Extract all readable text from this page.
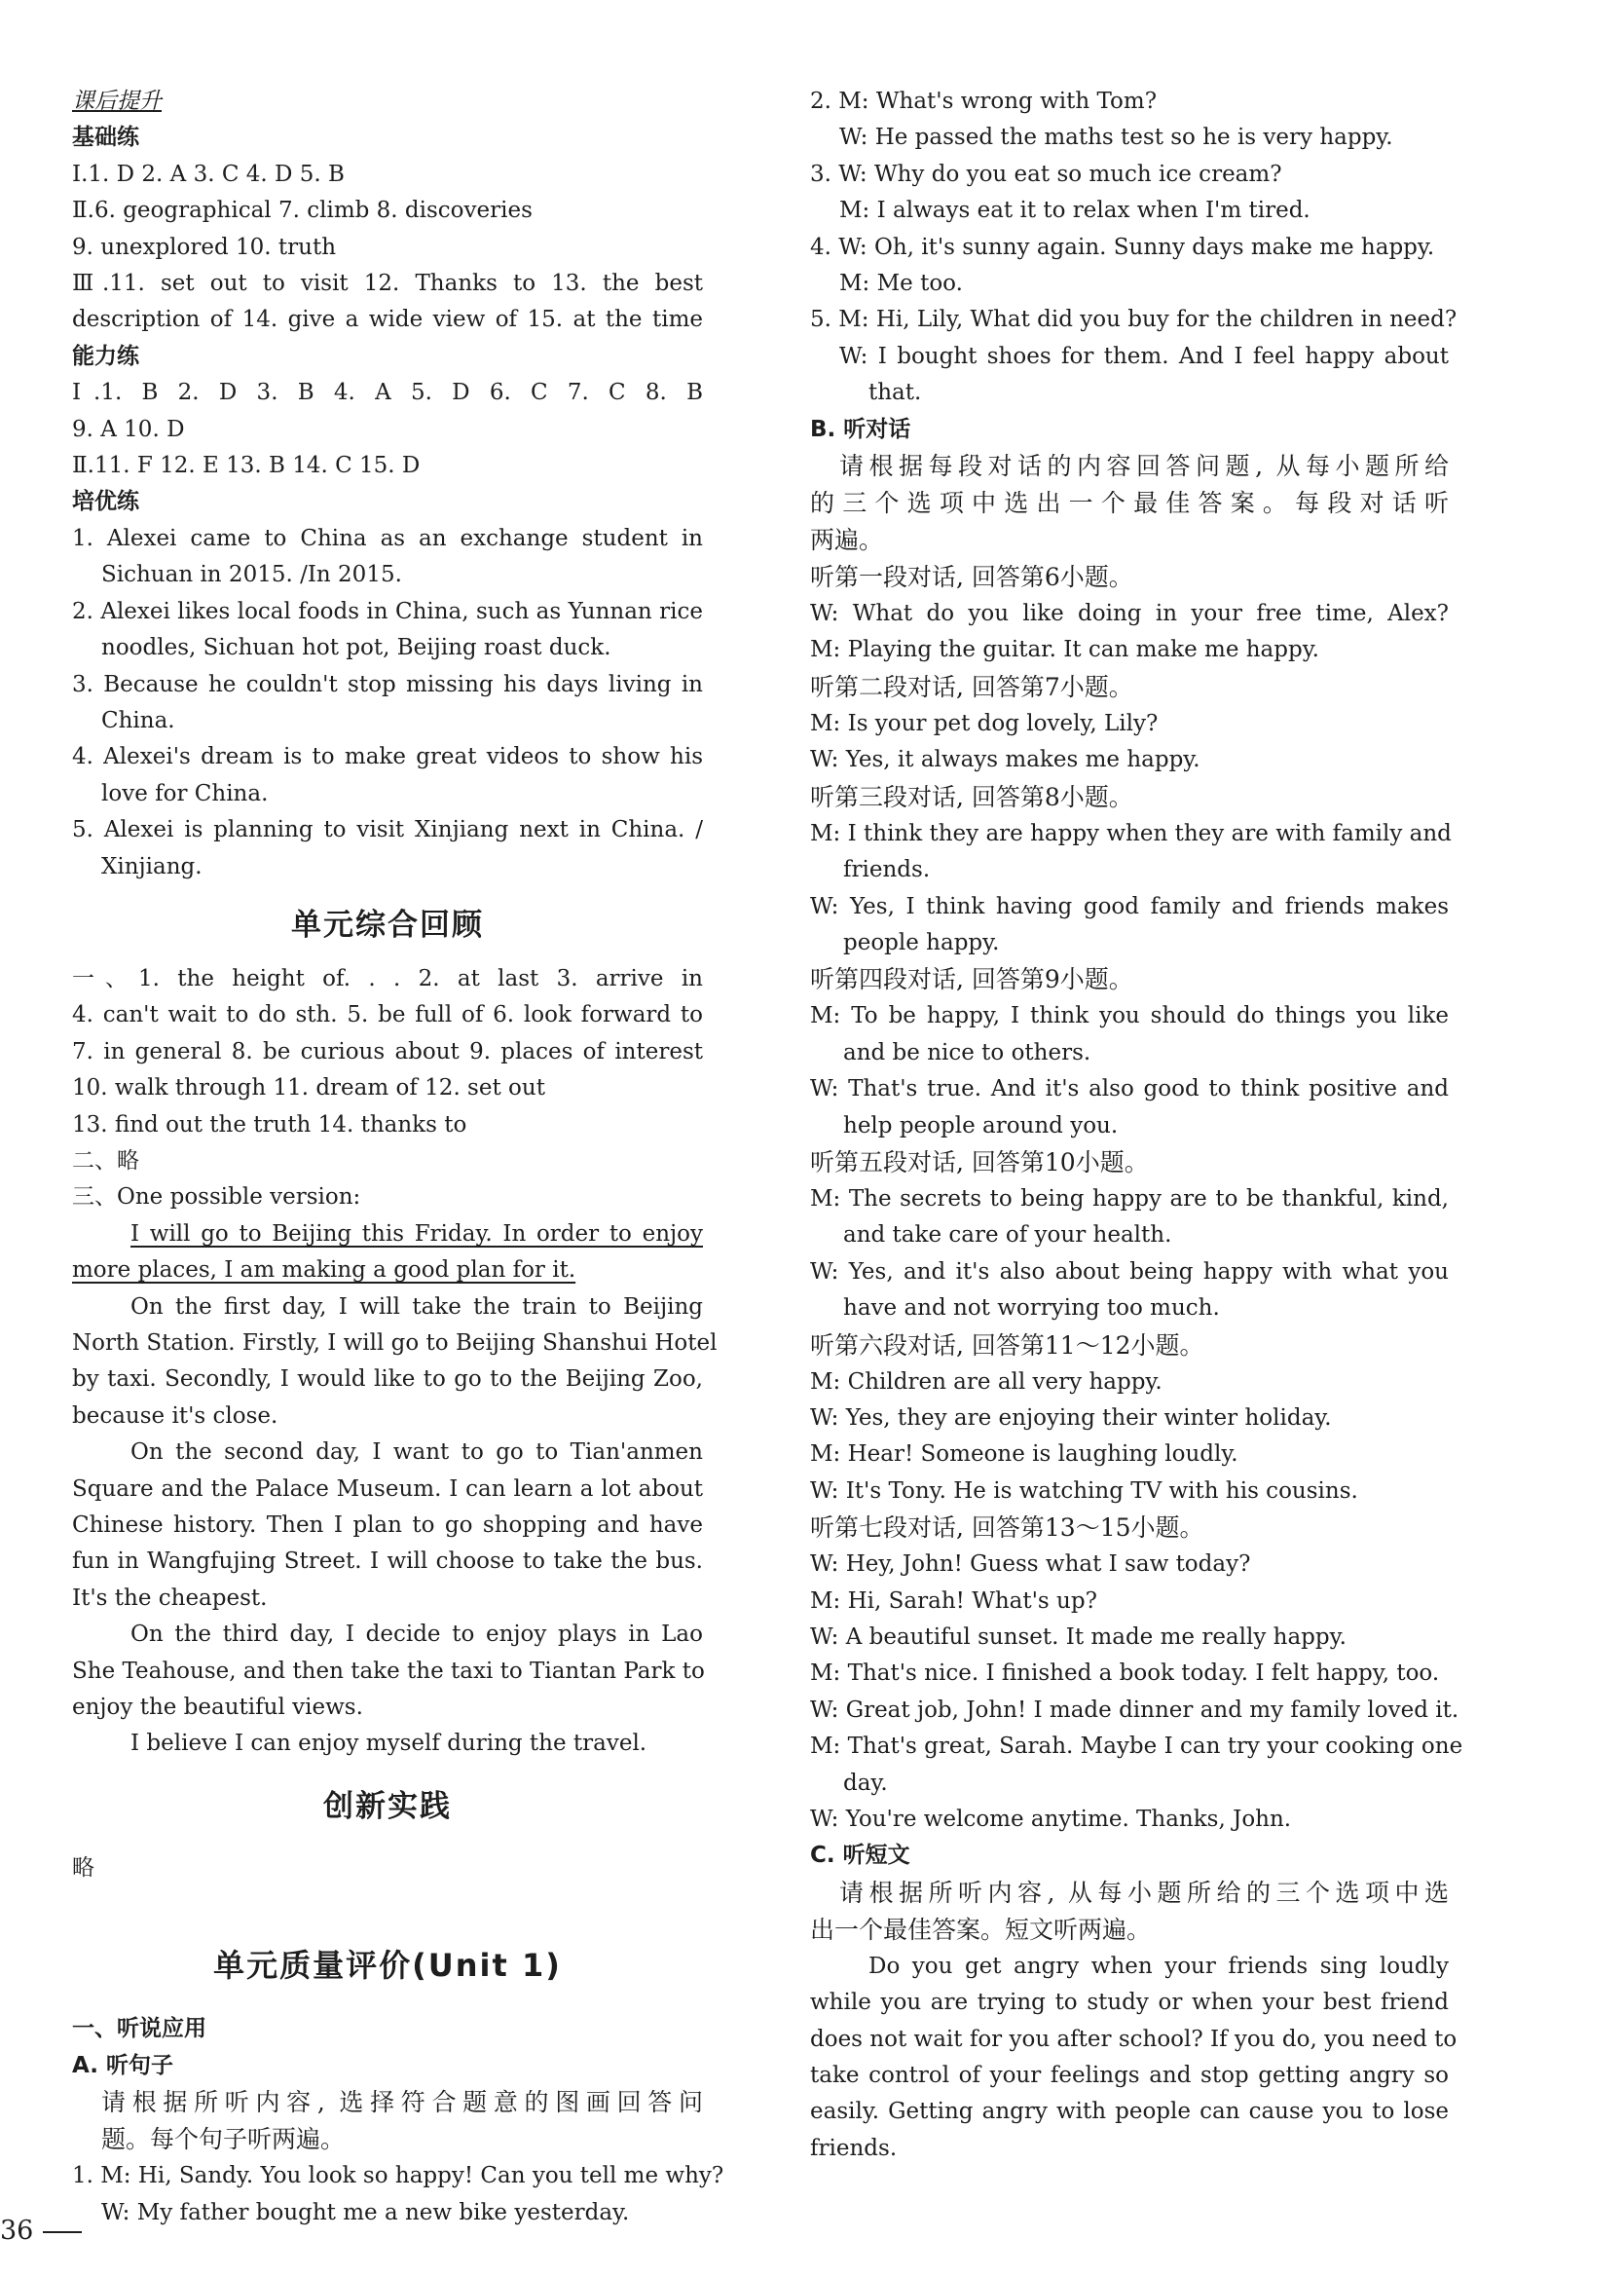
课后提升
基础练
Ⅰ.1. D 2. A 3. C 4. D 5. B
Ⅱ.6. geographical 7. climb 8. discoveries
9. unexplored 10. truth
Ⅲ.11. set out to visit 12. Thanks to 13. the best
description of 14. give a wide view of 15. at the time
能力练
Ⅰ.1. B 2. D 3. B 4. A 5. D 6. C 7. C 8. B
9. A 10. D
Ⅱ.11. F 12. E 13. B 14. C 15. D
培优练
1. Alexei came to China as an exchange student in
Sichuan in 2015. /In 2015.
2. Alexei likes local foods in China, such as Yunnan rice
noodles, Sichuan hot pot, Beijing roast duck.
3. Because he couldn't stop missing his days living in
China.
4. Alexei's dream is to make great videos to show his
love for China.
5. Alexei is planning to visit Xinjiang next in China. /
Xinjiang.
单元综合回顾
一、1. the height of. . . 2. at last 3. arrive in
4. can't wait to do sth. 5. be full of 6. look forward to
7. in general 8. be curious about 9. places of interest
10. walk through 11. dream of 12. set out
13. find out the truth 14. thanks to
二、略
三、One possible version:
I will go to Beijing this Friday. In order to enjoy
more places, I am making a good plan for it.
On the first day, I will take the train to Beijing
North Station. Firstly, I will go to Beijing Shanshui Hotel
by taxi. Secondly, I would like to go to the Beijing Zoo,
because it's close.
On the second day, I want to go to Tian'anmen
Square and the Palace Museum. I can learn a lot about
Chinese history. Then I plan to go shopping and have
fun in Wangfujing Street. I will choose to take the bus.
It's the cheapest.
On the third day, I decide to enjoy plays in Lao
She Teahouse, and then take the taxi to Tiantan Park to
enjoy the beautiful views.
I believe I can enjoy myself during the travel.
创新实践
略
单元质量评价(Unit 1)
一、听说应用
A. 听句子
请根据所听内容, 选择符合题意的图画回答问
题。每个句子听两遍。
1. M: Hi, Sandy. You look so happy! Can you tell me why?
W: My father bought me a new bike yesterday.
2. M: What's wrong with Tom?
W: He passed the maths test so he is very happy.
3. W: Why do you eat so much ice cream?
M: I always eat it to relax when I'm tired.
4. W: Oh, it's sunny again. Sunny days make me happy.
M: Me too.
5. M: Hi, Lily, What did you buy for the children in need?
W: I bought shoes for them. And I feel happy about
that.
B. 听对话
请根据每段对话的内容回答问题, 从每小题所给
的三个选项中选出一个最佳答案。每段对话听
两遍。
听第一段对话, 回答第6小题。
W: What do you like doing in your free time, Alex?
M: Playing the guitar. It can make me happy.
听第二段对话, 回答第7小题。
M: Is your pet dog lovely, Lily?
W: Yes, it always makes me happy.
听第三段对话, 回答第8小题。
M: I think they are happy when they are with family and
friends.
W: Yes, I think having good family and friends makes
people happy.
听第四段对话, 回答第9小题。
M: To be happy, I think you should do things you like
and be nice to others.
W: That's true. And it's also good to think positive and
help people around you.
听第五段对话, 回答第10小题。
M: The secrets to being happy are to be thankful, kind,
and take care of your health.
W: Yes, and it's also about being happy with what you
have and not worrying too much.
听第六段对话, 回答第11～12小题。
M: Children are all very happy.
W: Yes, they are enjoying their winter holiday.
M: Hear! Someone is laughing loudly.
W: It's Tony. He is watching TV with his cousins.
听第七段对话, 回答第13～15小题。
W: Hey, John! Guess what I saw today?
M: Hi, Sarah! What's up?
W: A beautiful sunset. It made me really happy.
M: That's nice. I finished a book today. I felt happy, too.
W: Great job, John! I made dinner and my family loved it.
M: That's great, Sarah. Maybe I can try your cooking one
day.
W: You're welcome anytime. Thanks, John.
C. 听短文
请根据所听内容, 从每小题所给的三个选项中选
出一个最佳答案。短文听两遍。
Do you get angry when your friends sing loudly
while you are trying to study or when your best friend
does not wait for you after school? If you do, you need to
take control of your feelings and stop getting angry so
easily. Getting angry with people can cause you to lose
friends.
36
